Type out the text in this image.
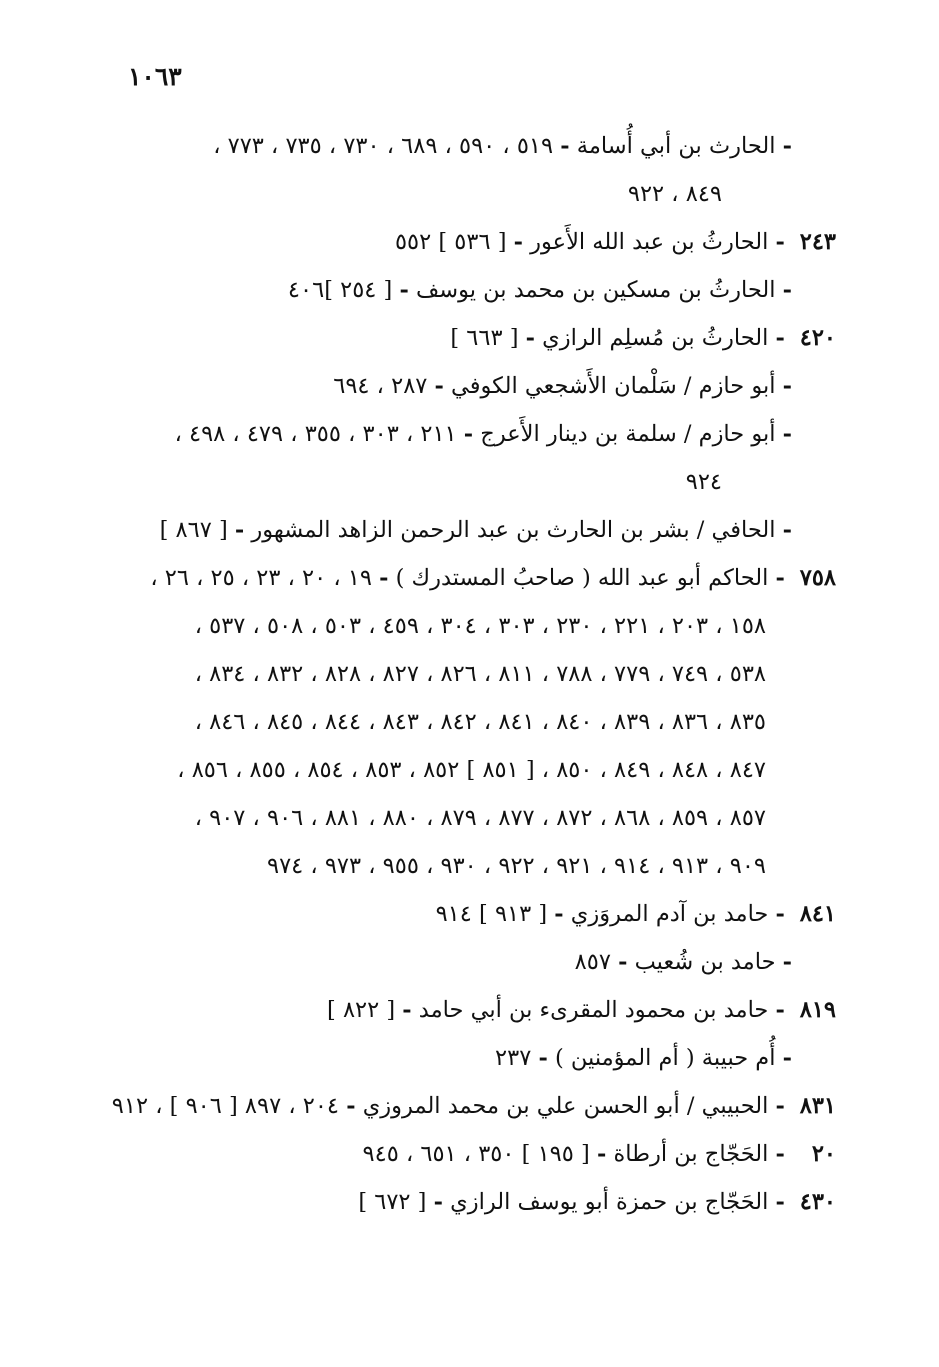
١٠٦٣

- الحارث بن أبي أُسامة - ٥١٩ ، ٥٩٠ ، ٦٨٩ ، ٧٣٠ ، ٧٣٥ ، ٧٧٣ ،
٨٤٩ ، ٩٢٢

٢٤٣ - الحارثُ بن عبد الله الأَعور - [ ٥٣٦ ] ٥٥٢

- الحارثُ بن مسكين بن محمد بن يوسف - [ ٢٥٤ ]٤٠٦

٤٢٠ - الحارثُ بن مُسلِم الرازي - [ ٦٦٣ ]

- أبو حازم / سَلْمان الأَشجعي الكوفي - ٢٨٧ ، ٦٩٤

- أبو حازم / سلمة بن دينار الأَعرج - ٢١١ ، ٣٠٣ ، ٣٥٥ ، ٤٧٩ ، ٤٩٨ ،
٩٢٤

- الحافي / بشر بن الحارث بن عبد الرحمن الزاهد المشهور - [ ٨٦٧ ]

٧٥٨ - الحاكم أبو عبد الله ( صاحبُ المستدرك ) - ١٩ ، ٢٠ ، ٢٣ ، ٢٥ ، ٢٦ ،
١٥٨ ، ٢٠٣ ، ٢٢١ ، ٢٣٠ ، ٣٠٣ ، ٣٠٤ ، ٤٥٩ ، ٥٠٣ ، ٥٠٨ ، ٥٣٧ ،
٥٣٨ ، ٧٤٩ ، ٧٧٩ ، ٧٨٨ ، ٨١١ ، ٨٢٦ ، ٨٢٧ ، ٨٢٨ ، ٨٣٢ ، ٨٣٤ ،
٨٣٥ ، ٨٣٦ ، ٨٣٩ ، ٨٤٠ ، ٨٤١ ، ٨٤٢ ، ٨٤٣ ، ٨٤٤ ، ٨٤٥ ، ٨٤٦ ،
٨٤٧ ، ٨٤٨ ، ٨٤٩ ، ٨٥٠ ، [ ٨٥١ ] ٨٥٢ ، ٨٥٣ ، ٨٥٤ ، ٨٥٥ ، ٨٥٦ ،
٨٥٧ ، ٨٥٩ ، ٨٦٨ ، ٨٧٢ ، ٨٧٧ ، ٨٧٩ ، ٨٨٠ ، ٨٨١ ، ٩٠٦ ، ٩٠٧ ،
٩٠٩ ، ٩١٣ ، ٩١٤ ، ٩٢١ ، ٩٢٢ ، ٩٣٠ ، ٩٥٥ ، ٩٧٣ ، ٩٧٤

٨٤١ - حامد بن آدم المروَزي - [ ٩١٣ ] ٩١٤

- حامد بن شُعيب - ٨٥٧

٨١٩ - حامد بن محمود المقرىء بن أبي حامد - [ ٨٢٢ ]

- أُم حبيبة ( أم المؤمنين ) - ٢٣٧

٨٣١ - الحبيبي / أبو الحسن علي بن محمد المروزي - ٢٠٤ ، ٨٩٧ [ ٩٠٦ ] ، ٩١٢

٢٠ - الحَجّاج بن أرطاة - [ ١٩٥ ] ٣٥٠ ، ٦٥١ ، ٩٤٥

٤٣٠ - الحَجّاج بن حمزة أبو يوسف الرازي - [ ٦٧٢ ]
